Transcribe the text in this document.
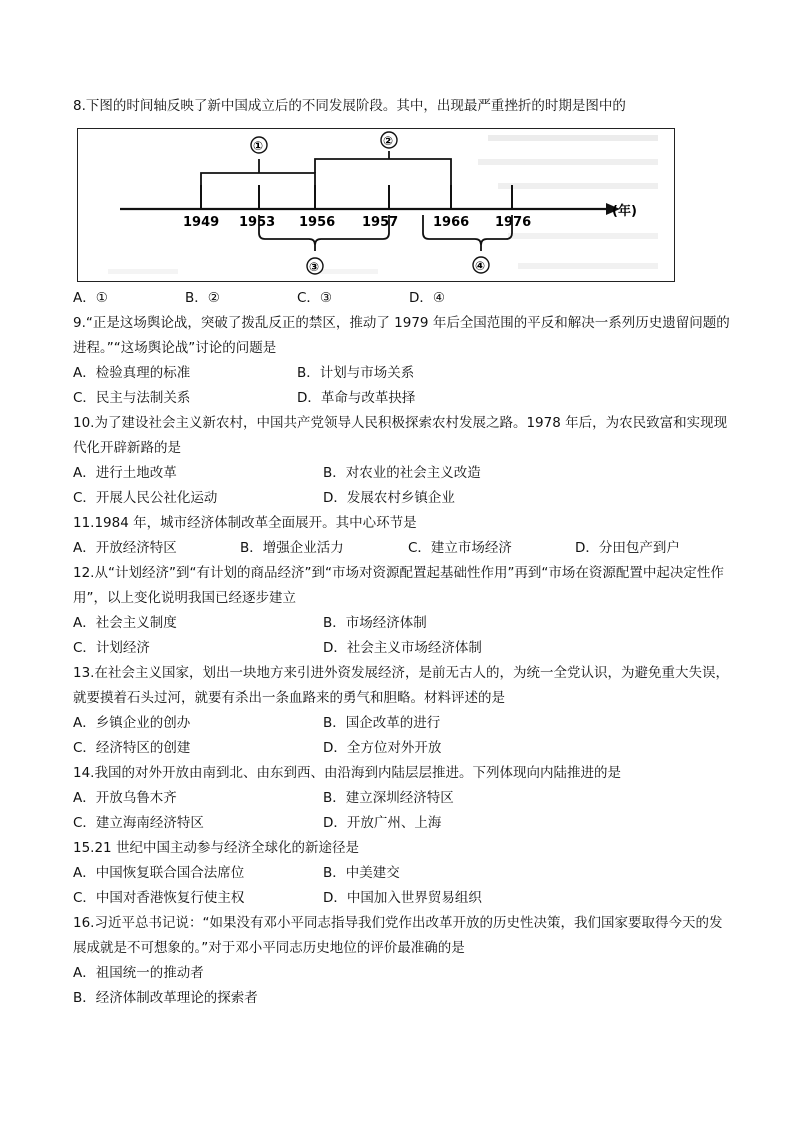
8.下图的时间轴反映了新中国成立后的不同发展阶段。其中，出现最严重挫折的时期是图中的
(年)
1949 1953 1956 1957	1966 1976
①	②
③	④
A．①	B．②	C．③	D．④
9.“正是这场舆论战，突破了拨乱反正的禁区，推动了 1979 年后全国范围的平反和解决一系列历史遗留问题的进程。”“这场舆论战”讨论的问题是
A．检验真理的标准	B．计划与市场关系
C．民主与法制关系	D．革命与改革抉择
10.为了建设社会主义新农村，中国共产党领导人民积极探索农村发展之路。1978 年后，为农民致富和实现现代化开辟新路的是
A．进行土地改革	B．对农业的社会主义改造
C．开展人民公社化运动	D．发展农村乡镇企业
11.1984 年，城市经济体制改革全面展开。其中心环节是
A．开放经济特区	B．增强企业活力	C．建立市场经济	D．分田包产到户
12.从“计划经济”到“有计划的商品经济”到“市场对资源配置起基础性作用”再到“市场在资源配置中起决定性作用”，以上变化说明我国已经逐步建立
A．社会主义制度	B．市场经济体制
C．计划经济	D．社会主义市场经济体制
13.在社会主义国家，划出一块地方来引进外资发展经济，是前无古人的，为统一全党认识，为避免重大失误，就要摸着石头过河，就要有杀出一条血路来的勇气和胆略。材料评述的是
A．乡镇企业的创办	B．国企改革的进行
C．经济特区的创建	D．全方位对外开放
14.我国的对外开放由南到北、由东到西、由沿海到内陆层层推进。下列体现向内陆推进的是
A．开放乌鲁木齐	B．建立深圳经济特区
C．建立海南经济特区	D．开放广州、上海
15.21 世纪中国主动参与经济全球化的新途径是
A．中国恢复联合国合法席位	B．中美建交
C．中国对香港恢复行使主权	D．中国加入世界贸易组织
16.习近平总书记说：“如果没有邓小平同志指导我们党作出改革开放的历史性决策，我们国家要取得今天的发展成就是不可想象的。”对于邓小平同志历史地位的评价最准确的是
A．祖国统一的推动者
B．经济体制改革理论的探索者
